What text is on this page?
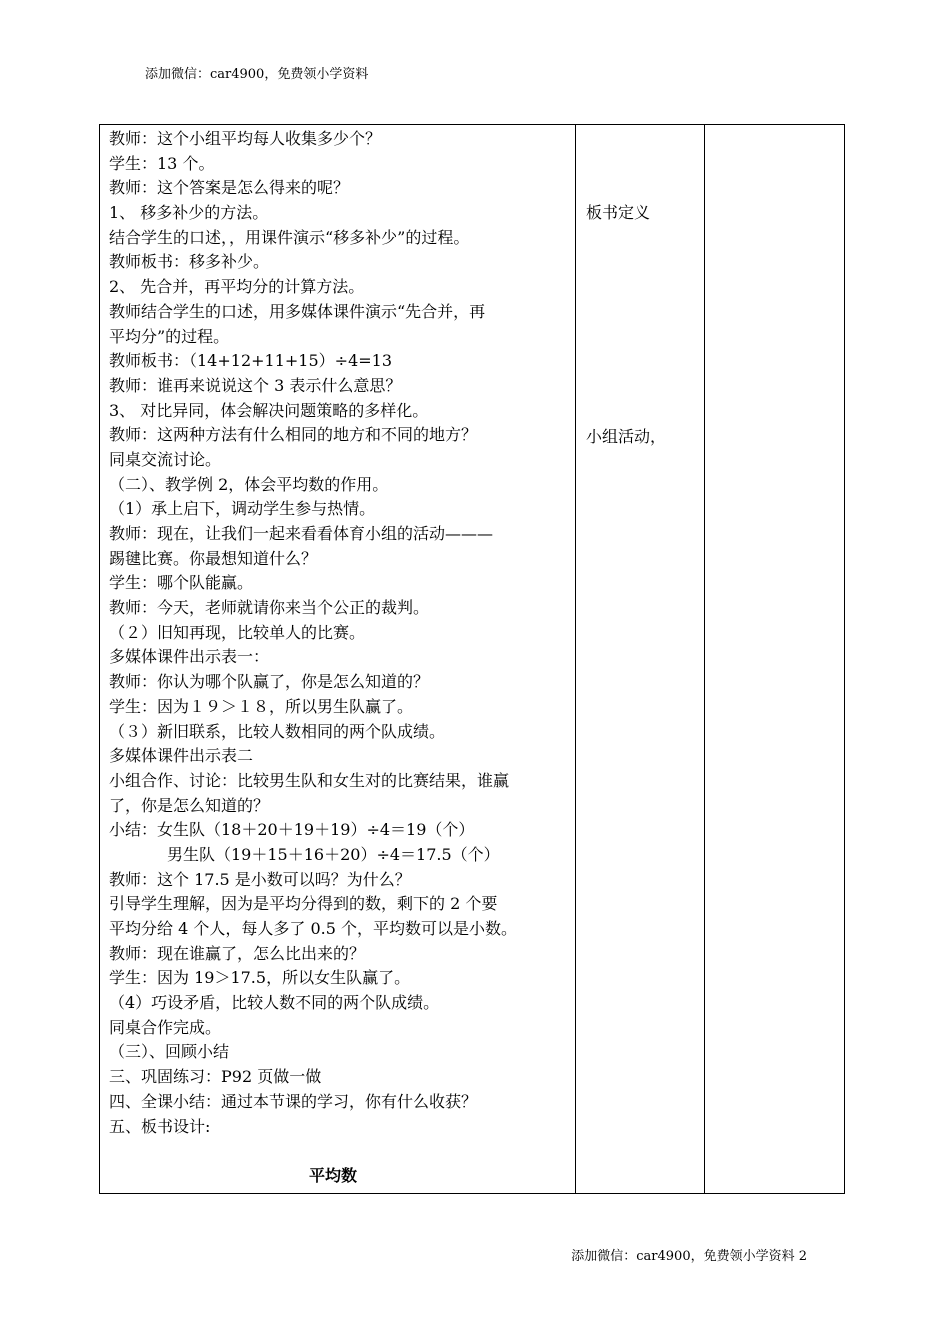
添加微信：car4900，免费领小学资料
教师：这个小组平均每人收集多少个？
学生：13 个。
教师：这个答案是怎么得来的呢？
1、 移多补少的方法。
结合学生的口述，，用课件演示“移多补少”的过程。
教师板书：移多补少。
2、 先合并，再平均分的计算方法。
教师结合学生的口述，用多媒体课件演示“先合并，再
平均分”的过程。
教师板书：（14+12+11+15）÷4=13
教师：谁再来说说这个 3 表示什么意思？
3、 对比异同，体会解决问题策略的多样化。
教师：这两种方法有什么相同的地方和不同的地方？
同桌交流讨论。
（二）、教学例 2，体会平均数的作用。
（1）承上启下，调动学生参与热情。
教师：现在，让我们一起来看看体育小组的活动———
踢毽比赛。你最想知道什么？
学生：哪个队能赢。
教师：今天，老师就请你来当个公正的裁判。
（２）旧知再现，比较单人的比赛。
多媒体课件出示表一：
教师：你认为哪个队赢了，你是怎么知道的？
学生：因为１９＞１８，所以男生队赢了。
（３）新旧联系，比较人数相同的两个队成绩。
多媒体课件出示表二
小组合作、讨论：比较男生队和女生对的比赛结果，谁赢
了，你是怎么知道的？
小结：女生队（18＋20＋19＋19）÷4＝19（个）
男生队（19＋15＋16＋20）÷4＝17.5（个）
教师：这个 17.5 是小数可以吗？为什么？
引导学生理解，因为是平均分得到的数，剩下的 2 个要
平均分给 4 个人，每人多了 0.5 个，平均数可以是小数。
教师：现在谁赢了，怎么比出来的？
学生：因为 19＞17.5，所以女生队赢了。
（4）巧设矛盾，比较人数不同的两个队成绩。
同桌合作完成。
（三）、回顾小结
三、巩固练习：P92 页做一做
四、全课小结：通过本节课的学习，你有什么收获？
五、板书设计:
平均数
板书定义
小组活动，
添加微信：car4900，免费领小学资料 2
